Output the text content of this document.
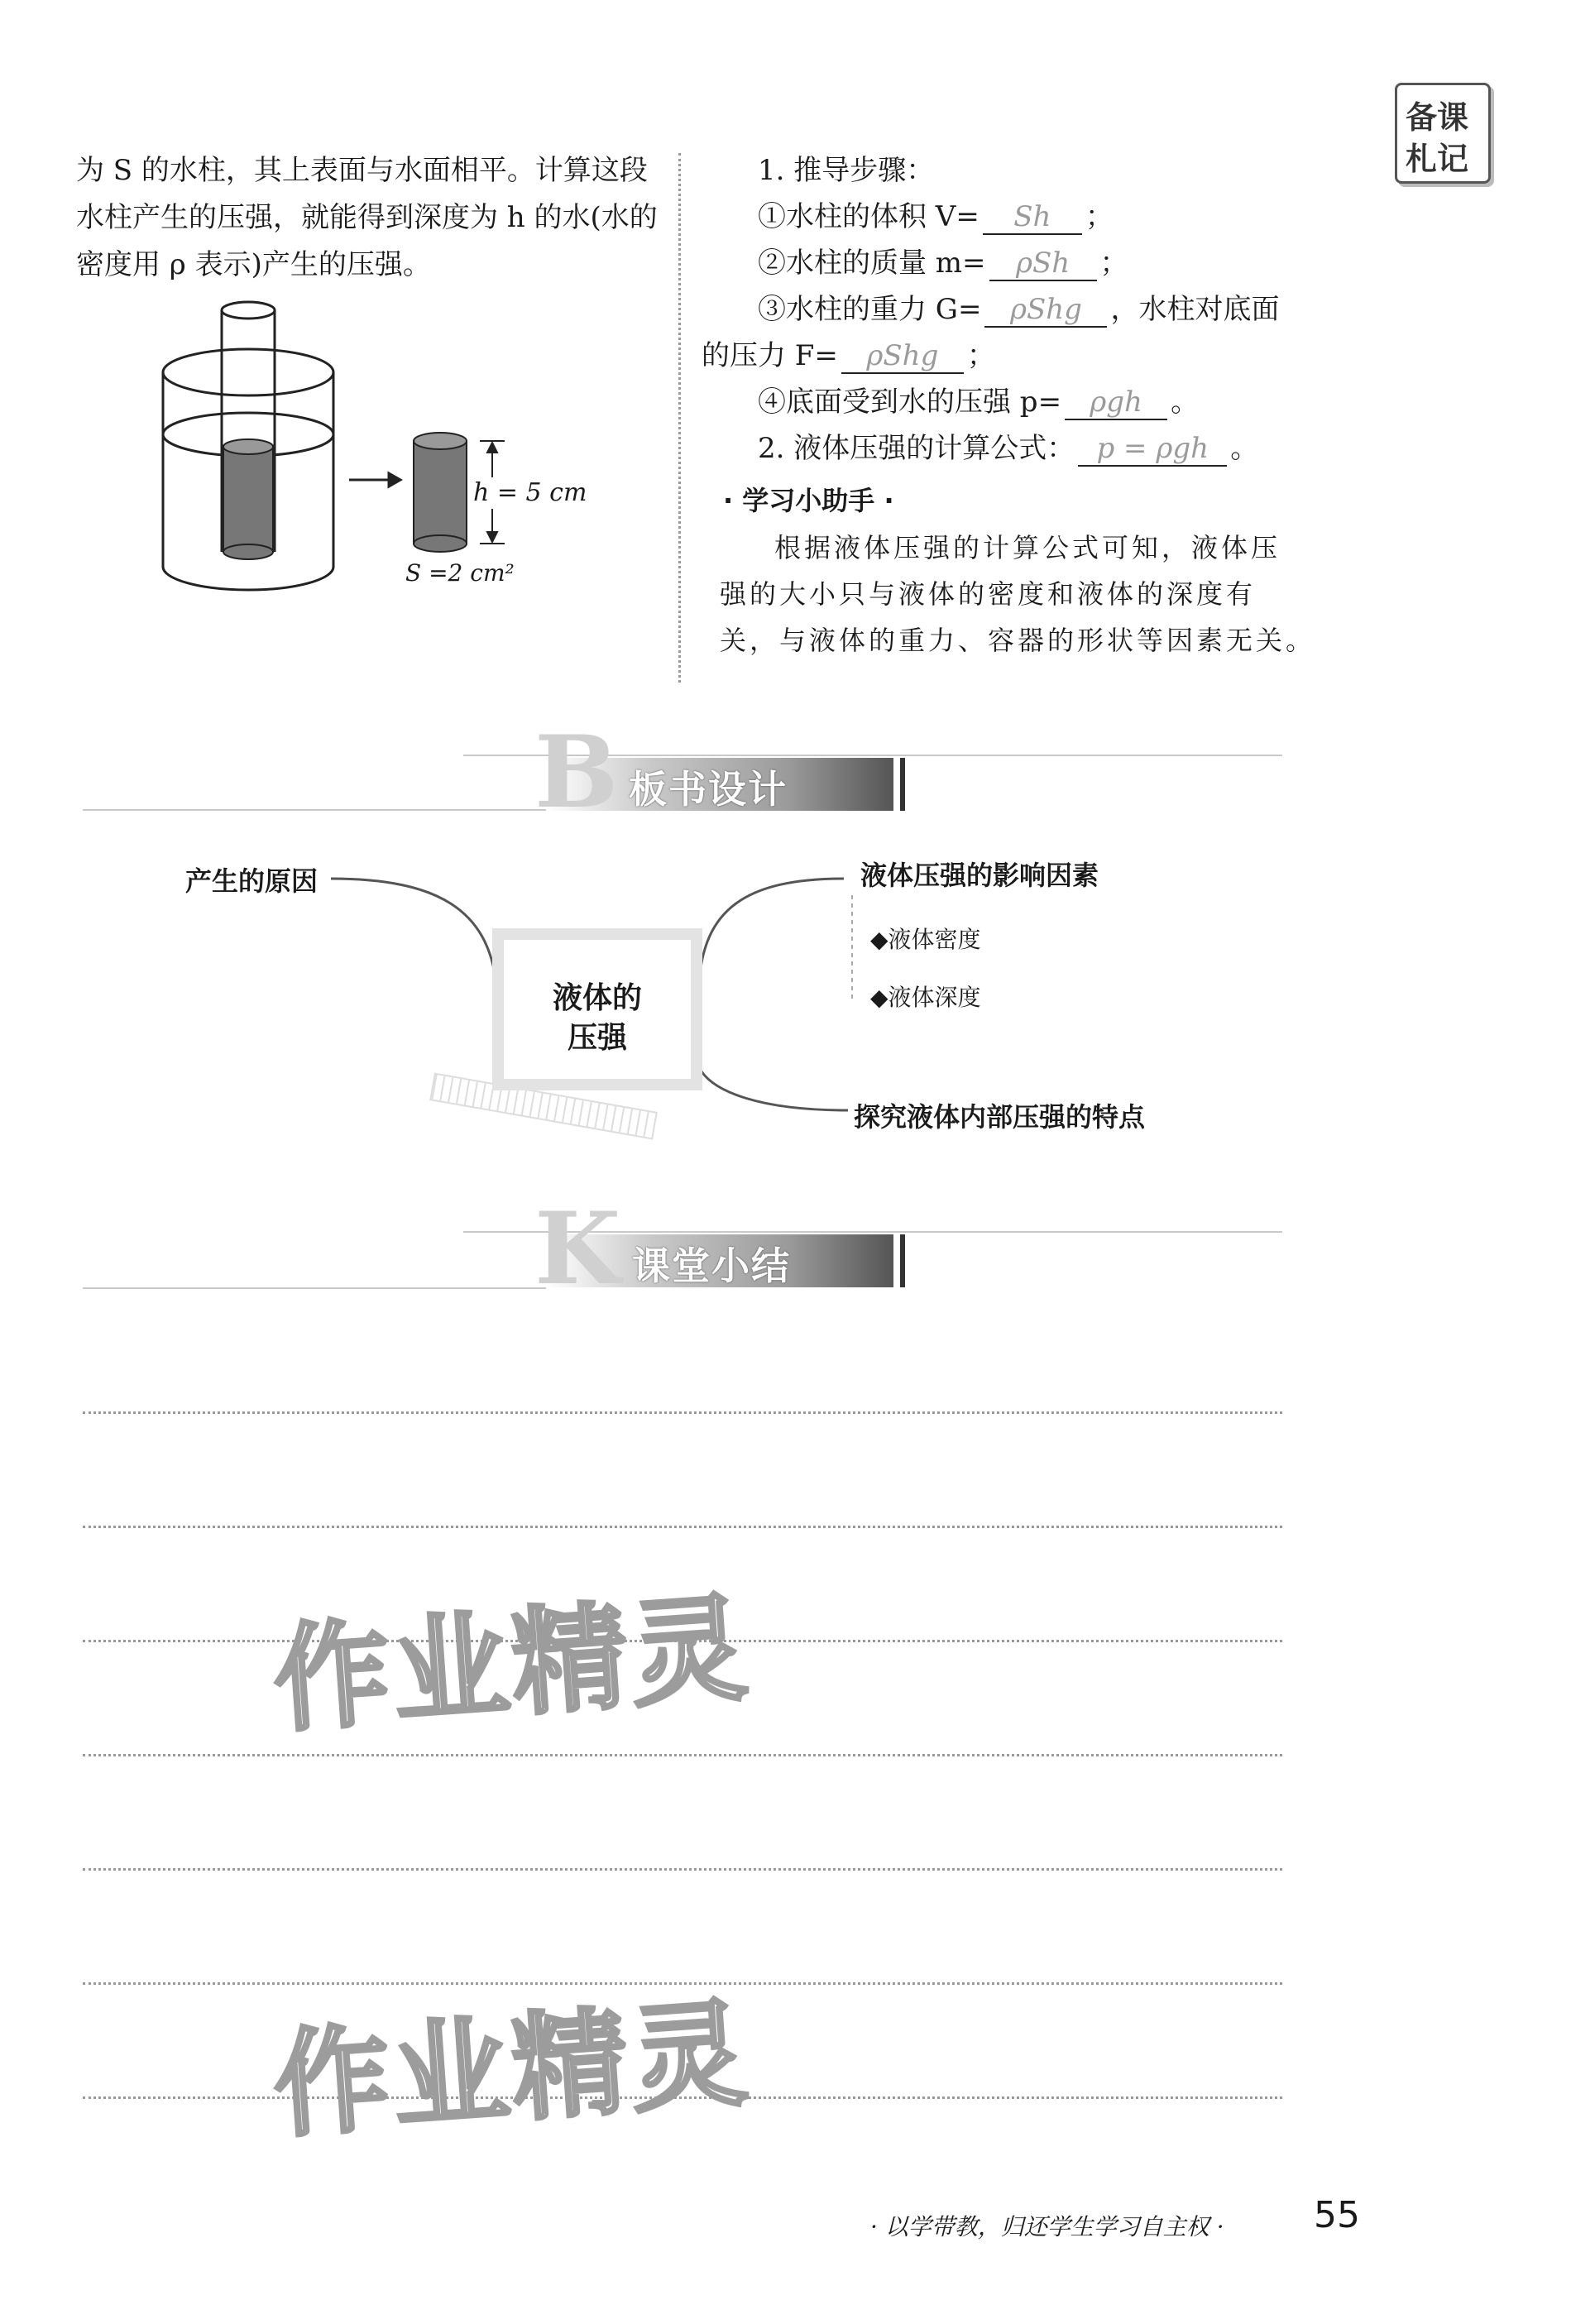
备课
札记
为 S 的水柱，其上表面与水面相平。计算这段
水柱产生的压强，就能得到深度为 h 的水(水的
密度用 ρ 表示)产生的压强。
h = 5 cm
S =2 cm²
1. 推导步骤：
①水柱的体积 V= Sh ；
②水柱的质量 m= ρSh ；
③水柱的重力 G= ρShg ，水柱对底面
的压力 F= ρShg ；
④底面受到水的压强 p= ρgh 。
2. 液体压强的计算公式： p = ρgh 。
· 学习小助手 ·
根据液体压强的计算公式可知，液体压
强的大小只与液体的密度和液体的深度有
关，与液体的重力、容器的形状等因素无关。
B 板书设计
液体的
压强
产生的原因	液体压强的影响因素
◆液体密度
◆液体深度
探究液体内部压强的特点
K 课堂小结
作业精灵
作业精灵
· 以学带教，归还学生学习自主权 · 55
